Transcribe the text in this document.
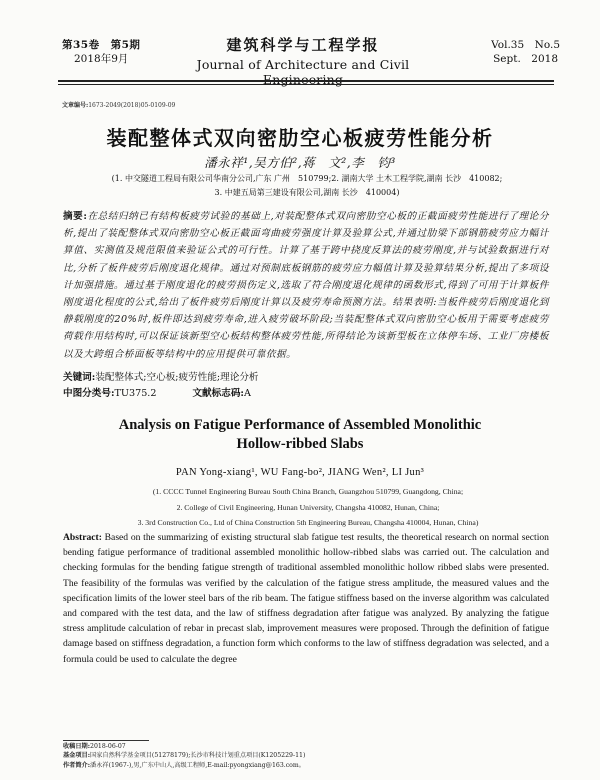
第35卷　第5期
2018年9月
建筑科学与工程学报
Journal of Architecture and Civil Engineering
Vol.35　No.5
Sept.　2018
文章编号:1673-2049(2018)05-0109-09
装配整体式双向密肋空心板疲劳性能分析
潘永祥¹,吴方伯²,蒋　文²,李　钧³
(1. 中交隧道工程局有限公司华南分公司,广东 广州　510799;2. 湖南大学 土木工程学院,湖南 长沙　410082;
3. 中建五局第三建设有限公司,湖南 长沙　410004)
摘要:在总结归纳已有结构板疲劳试验的基础上,对装配整体式双向密肋空心板的正截面疲劳性能进行了理论分析,提出了装配整体式双向密肋空心板正截面弯曲疲劳强度计算及验算公式,并通过肋梁下部钢筋疲劳应力幅计算值、实测值及规范限值来验证公式的可行性。计算了基于跨中挠度反算法的疲劳刚度,并与试验数据进行对比,分析了板件疲劳后刚度退化规律。通过对预制底板钢筋的疲劳应力幅值计算及验算结果分析,提出了多项设计加强措施。通过基于刚度退化的疲劳损伤定义,选取了符合刚度退化规律的函数形式,得到了可用于计算板件刚度退化程度的公式,给出了板件疲劳后刚度计算以及疲劳寿命预测方法。结果表明:当板件疲劳后刚度退化到静载刚度的20%时,板件即达到疲劳寿命,进入疲劳破坏阶段;当装配整体式双向密肋空心板用于需要考虑疲劳荷载作用结构时,可以保证该新型空心板结构整体疲劳性能,所得结论为该新型板在立体停车场、工业厂房楼板以及大跨组合桥面板等结构中的应用提供可靠依据。
关键词:装配整体式;空心板;疲劳性能;理论分析
中图分类号:TU375.2	文献标志码:A
Analysis on Fatigue Performance of Assembled Monolithic
Hollow-ribbed Slabs
PAN Yong-xiang¹, WU Fang-bo², JIANG Wen², LI Jun³
(1. CCCC Tunnel Engineering Bureau South China Branch, Guangzhou 510799, Guangdong, China;
2. College of Civil Engineering, Hunan University, Changsha 410082, Hunan, China;
3. 3rd Construction Co., Ltd of China Construction 5th Engineering Bureau, Changsha 410004, Hunan, China)
Abstract: Based on the summarizing of existing structural slab fatigue test results, the theoretical research on normal section bending fatigue performance of traditional assembled monolithic hollow-ribbed slabs was carried out. The calculation and checking formulas for the bending fatigue strength of traditional assembled monolithic hollow ribbed slabs were presented. The feasibility of the formulas was verified by the calculation of the fatigue stress amplitude, the measured values and the specification limits of the lower steel bars of the rib beam. The fatigue stiffness based on the inverse algorithm was calculated and compared with the test data, and the law of stiffness degradation after fatigue was analyzed. By analyzing the fatigue stress amplitude calculation of rebar in precast slab, improvement measures were proposed. Through the definition of fatigue damage based on stiffness degradation, a function form which conforms to the law of stiffness degradation was selected, and a formula could be used to calculate the degree
收稿日期:2018-06-07
基金项目:国家自然科学基金项目(51278179);长沙市科技计划重点项目(K1205229-11)
作者简介:潘永祥(1967-),男,广东中山人,高级工程师,E-mail:pyongxiang@163.com。
